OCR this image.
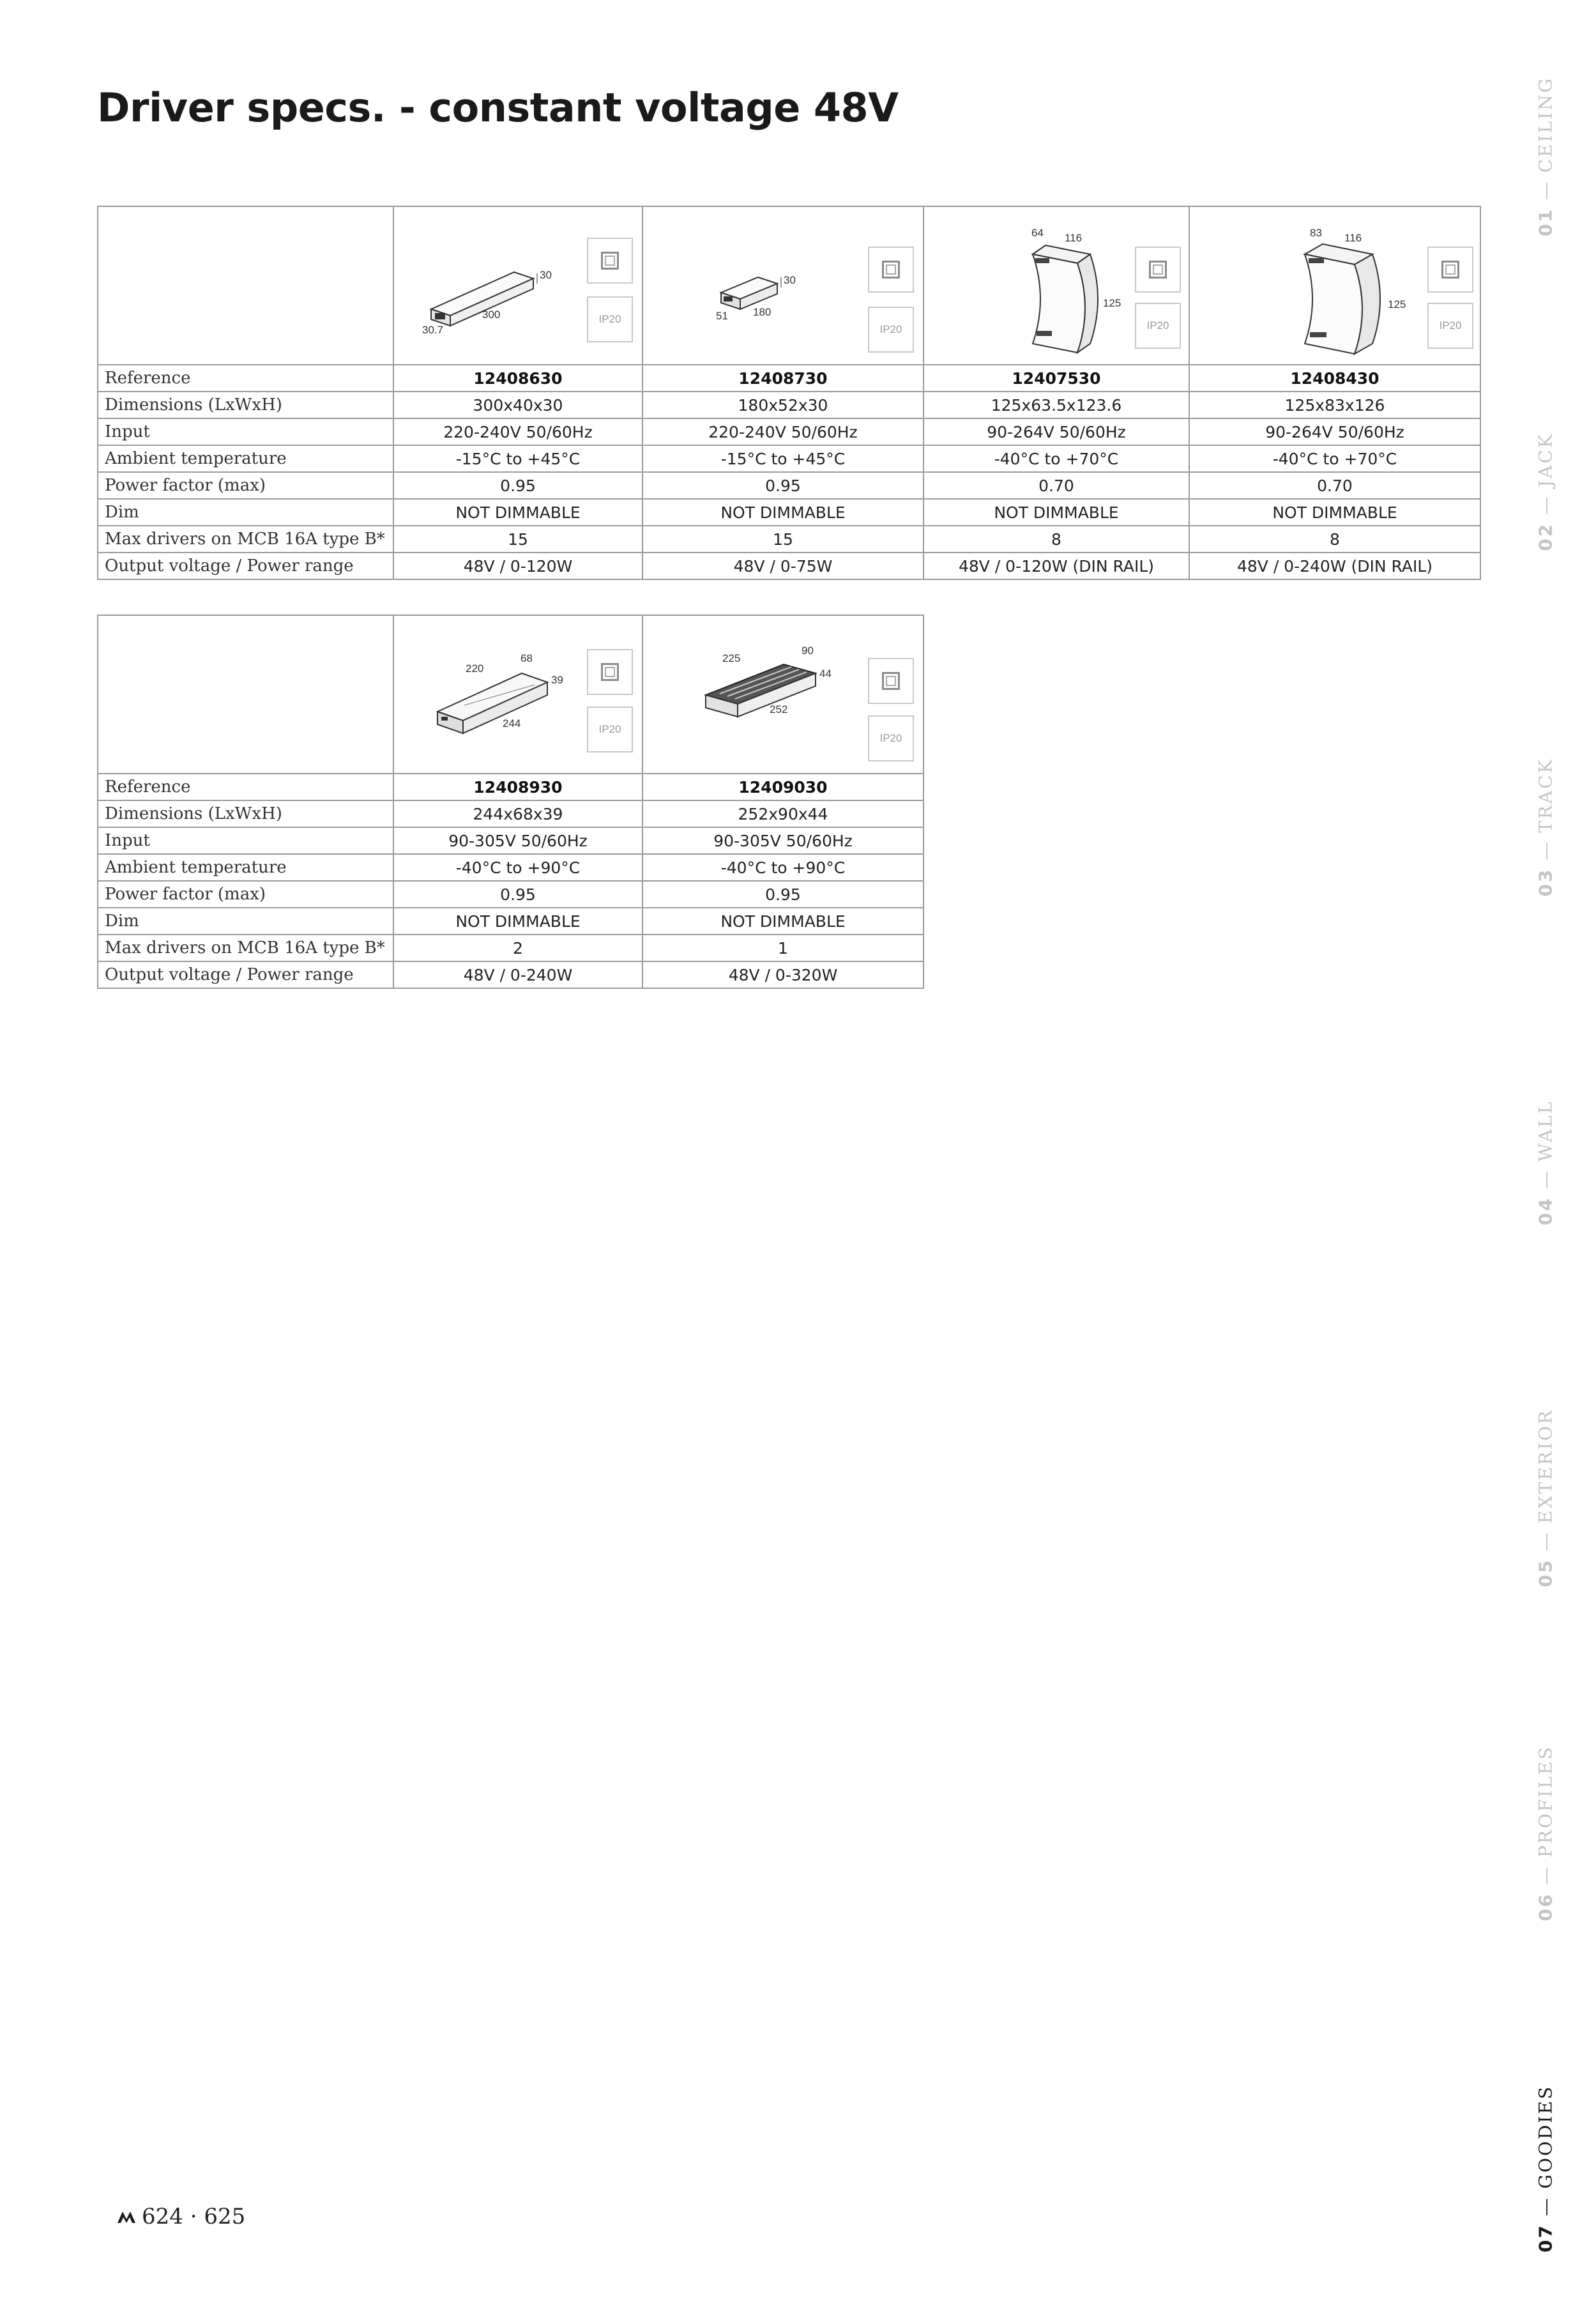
Driver specs. - constant voltage 48V

30
300
30.7
IP20	30
180
51
IP20	64 116
125
IP20	83 116
125
IP20

Reference	12408630	12408730	12407530	12408430
Dimensions (LxWxH)	300x40x30	180x52x30	125x63.5x123.6	125x83x126
Input	220-240V 50/60Hz	220-240V 50/60Hz	90-264V 50/60Hz	90-264V 50/60Hz
Ambient temperature	-15°C to +45°C	-15°C to +45°C	-40°C to +70°C	-40°C to +70°C
Power factor (max)	0.95	0.95	0.70	0.70
Dim	NOT DIMMABLE	NOT DIMMABLE	NOT DIMMABLE	NOT DIMMABLE
Max drivers on MCB 16A type B*	15	15	8	8
Output voltage / Power range	48V / 0-120W	48V / 0-75W	48V / 0-120W (DIN RAIL)	48V / 0-240W (DIN RAIL)

220
68
39
244 IP20	225
90
44
252
IP20

Reference	12408930	12409030
Dimensions (LxWxH)	244x68x39	252x90x44
Input	90-305V 50/60Hz	90-305V 50/60Hz
Ambient temperature	-40°C to +90°C	-40°C to +90°C
Power factor (max)	0.95	0.95
Dim	NOT DIMMABLE	NOT DIMMABLE
Max drivers on MCB 16A type B*	2	1
Output voltage / Power range	48V / 0-240W	48V / 0-320W
01 — CEILING
02 — JACK
03 — TRACK
04 — WALL
05 — EXTERIOR
06 — PROFILES
07 — GOODIES
624 · 625
